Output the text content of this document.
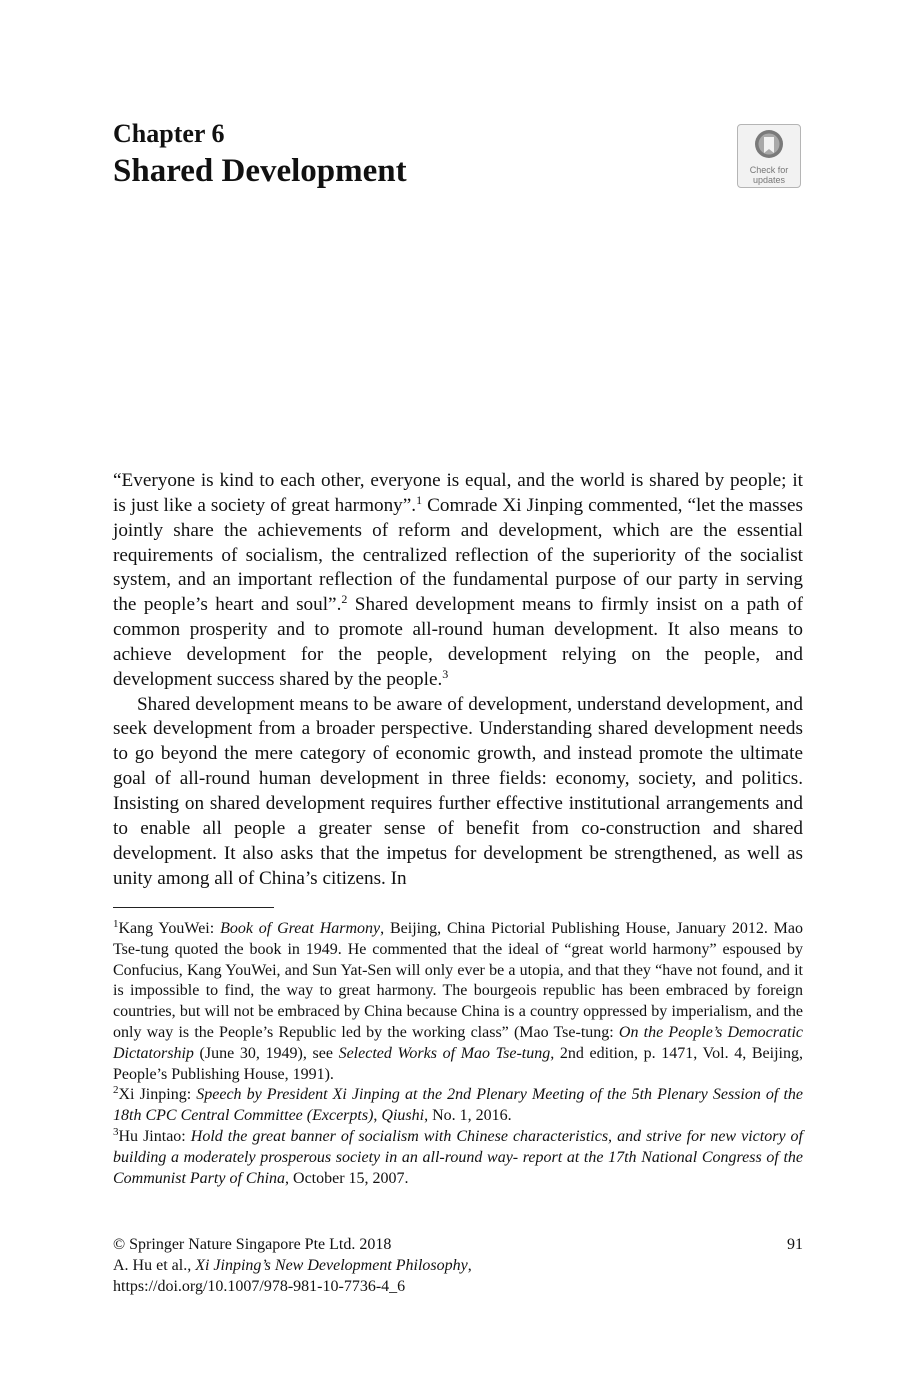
Chapter 6
Shared Development	Check for
updates

“Everyone is kind to each other, everyone is equal, and the world is shared by people; it is just like a society of great harmony”.$^1$ Comrade Xi Jinping commented, “let the masses jointly share the achievements of reform and development, which are the essential requirements of socialism, the centralized reflection of the superiority of the socialist system, and an important reflection of the fundamental purpose of our party in serving the people’s heart and soul”.$^2$ Shared development means to firmly insist on a path of common prosperity and to promote all-round human development. It also means to achieve development for the people, development relying on the people, and development success shared by the people.$^3$

Shared development means to be aware of development, understand development, and seek development from a broader perspective. Understanding shared development needs to go beyond the mere category of economic growth, and instead promote the ultimate goal of all-round human development in three fields: economy, society, and politics. Insisting on shared development requires further effective institutional arrangements and to enable all people a greater sense of benefit from co-construction and shared development. It also asks that the impetus for development be strengthened, as well as unity among all of China’s citizens. In

$^1$Kang YouWei: Book of Great Harmony, Beijing, China Pictorial Publishing House, January 2012. Mao Tse-tung quoted the book in 1949. He commented that the ideal of “great world harmony” espoused by Confucius, Kang YouWei, and Sun Yat-Sen will only ever be a utopia, and that they “have not found, and it is impossible to find, the way to great harmony. The bourgeois republic has been embraced by foreign countries, but will not be embraced by China because China is a country oppressed by imperialism, and the only way is the People’s Republic led by the working class” (Mao Tse-tung: On the People’s Democratic Dictatorship (June 30, 1949), see Selected Works of Mao Tse-tung, 2nd edition, p. 1471, Vol. 4, Beijing, People’s Publishing House, 1991).

$^2$Xi Jinping: Speech by President Xi Jinping at the 2nd Plenary Meeting of the 5th Plenary Session of the 18th CPC Central Committee (Excerpts), Qiushi, No. 1, 2016.

$^3$Hu Jintao: Hold the great banner of socialism with Chinese characteristics, and strive for new victory of building a moderately prosperous society in an all-round way- report at the 17th National Congress of the Communist Party of China, October 15, 2007.

© Springer Nature Singapore Pte Ltd. 2018	91
A. Hu et al., Xi Jinping’s New Development Philosophy,
https://doi.org/10.1007/978-981-10-7736-4_6
